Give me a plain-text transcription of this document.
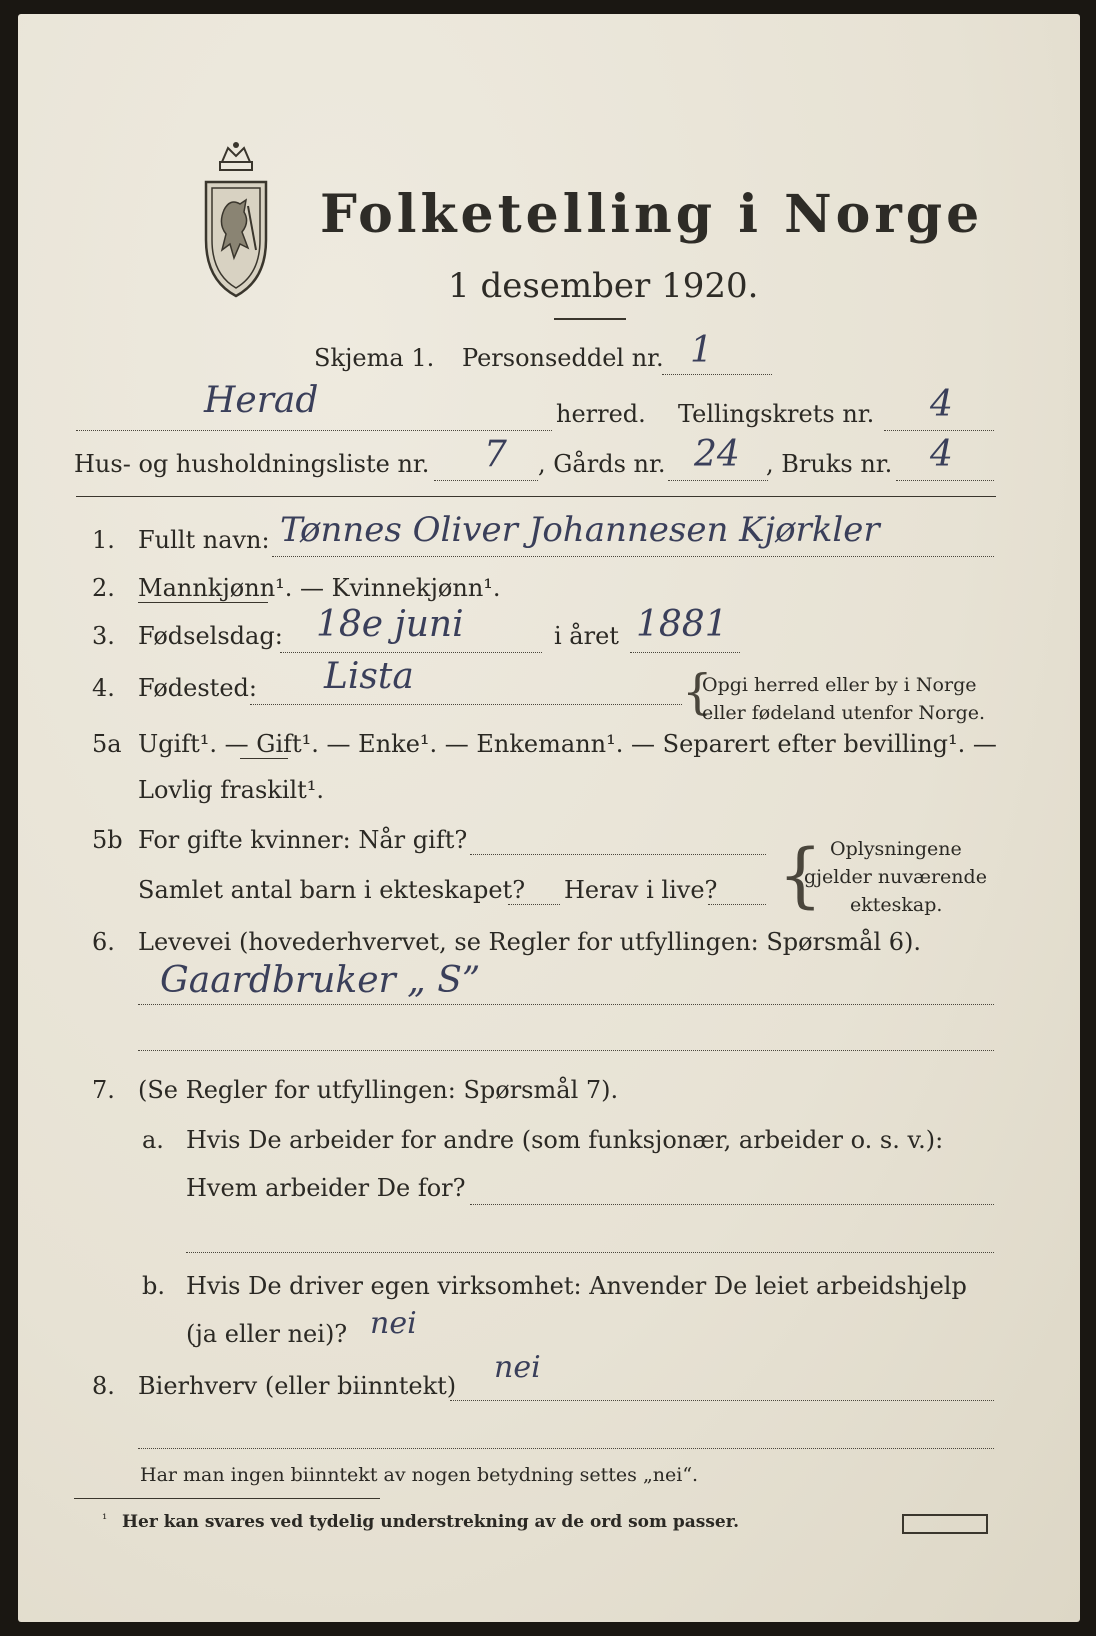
Folketelling i Norge
1 desember 1920.
Skjema 1. Personseddel nr. 1
Herad	herred. Tellingskrets nr. 4
Hus- og husholdningsliste nr. 7 , Gårds nr. 24 , Bruks nr. 4
1. Fullt navn: Tønnes Oliver Johannesen Kjørkler
2. Mannkjønn¹. — Kvinnekjønn¹.
3. Fødselsdag: 18e juni	i året 1881
4. Fødested: Lista	{
Opgi herred eller by i Norge
eller fødeland utenfor Norge.
5a Ugift¹. — Gift¹. — Enke¹. — Enkemann¹. — Separert efter bevilling¹. —
Lovlig fraskilt¹.
5b For gifte kvinner: Når gift?
Samlet antal barn i ekteskapet? Herav i live? { Oplysningene
gjelder nuværende
ekteskap.
6. Levevei (hovederhvervet, se Regler for utfyllingen: Spørsmål 6).
Gaardbruker „ S”
7. (Se Regler for utfyllingen: Spørsmål 7).
a. Hvis De arbeider for andre (som funksjonær, arbeider o. s. v.):
Hvem arbeider De for?
b. Hvis De driver egen virksomhet: Anvender De leiet arbeidshjelp
(ja eller nei)? nei
8. Bierhverv (eller biinntekt)
nei
Har man ingen biinntekt av nogen betydning settes „nei“.
¹ Her kan svares ved tydelig understrekning av de ord som passer.
